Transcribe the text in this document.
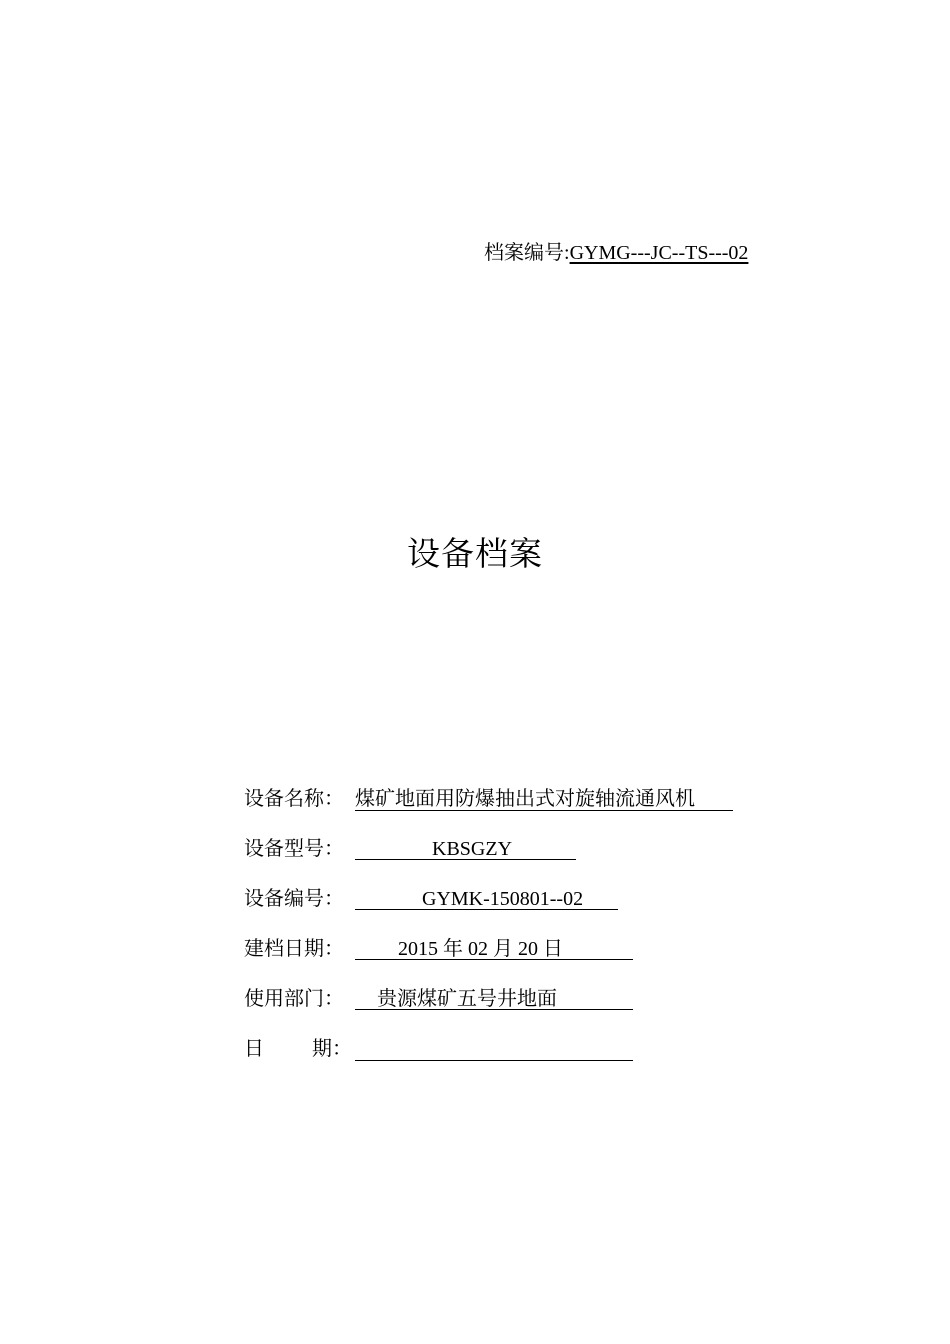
档案编号:GYMG---JC--TS---02
设备档案
设备名称： 煤矿地面用防爆抽出式对旋轴流通风机
设备型号：	KBSGZY
设备编号：	GYMK-150801--02
建档日期：	2015 年 02 月 20 日
使用部门：	贵源煤矿五号井地面
日 期：
